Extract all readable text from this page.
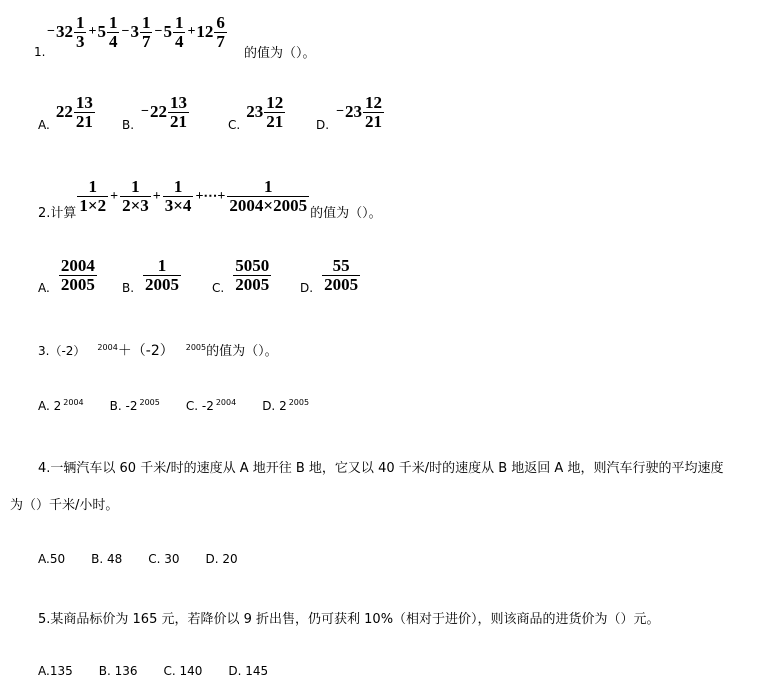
− $32 \frac{1}{3} + 5 \frac{1}{4} - 3 \frac{1}{7} - 5 \frac{1}{4} + 12 \frac{6}{7}$
1.	的值为（）。
A.
$22 \frac{13}{21} B$.
− $22 \frac{13}{21}$	C.
$23 \frac{12}{21}$	D.
− $23 \frac{12}{21}$
2.计算 $\frac{1}{1\times 2} + \frac{1}{2\times 3} + \frac{1}{3\times 4}$ +⋯+ $\frac{1}{2004\times 2005}$ 的值为（）。
A. $\frac{2004}{2005} B$. $\frac{1}{2005}$	C. $\frac{5050}{2005} D$. $\frac{55}{2005}$
3.（-2） $^{2004}$＋（-2） $^{2005}$的值为（）。
A. 2 $^{2004}$ B. -2 $^{2005}$ C. -2 $^{2004}$ D. 2 $^{2005}$
4.一辆汽车以 60 千米/时的速度从 A 地开往 B 地，它又以 40 千米/时的速度从 B 地返回 A 地，则汽车行驶的平均速度
为（）千米/小时。
A.50 B. 48 C. 30 D. 20
5.某商品标价为 165 元，若降价以 9 折出售，仍可获利 10%（相对于进价），则该商品的进货价为（）元。
A.135 B. 136 C. 140 D. 145
